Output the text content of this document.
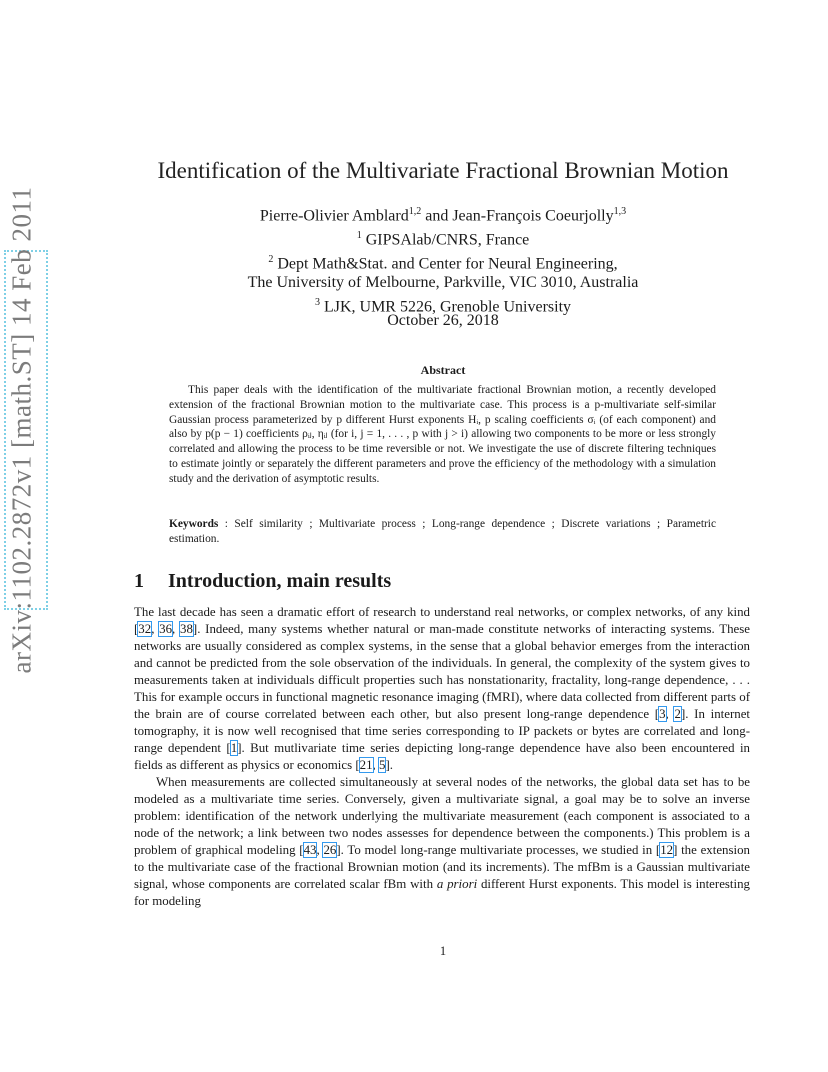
arXiv:1102.2872v1 [math.ST] 14 Feb 2011
Identification of the Multivariate Fractional Brownian Motion
Pierre-Olivier Amblard$^{1,2}$ and Jean-François Coeurjolly$^{1,3}$
$^1$ GIPSAlab/CNRS, France
$^2$ Dept Math&Stat. and Center for Neural Engineering,
The University of Melbourne, Parkville, VIC 3010, Australia
$^3$ LJK, UMR 5226, Grenoble University
October 26, 2018
Abstract
This paper deals with the identification of the multivariate fractional Brownian motion, a recently developed extension of the fractional Brownian motion to the multivariate case. This process is a p-multivariate self-similar Gaussian process parameterized by p different Hurst exponents Hᵢ, p scaling coefficients σᵢ (of each component) and also by p(p − 1) coefficients ρᵢⱼ, ηᵢⱼ (for i, j = 1, . . . , p with j > i) allowing two components to be more or less strongly correlated and allowing the process to be time reversible or not. We investigate the use of discrete filtering techniques to estimate jointly or separately the different parameters and prove the efficiency of the methodology with a simulation study and the derivation of asymptotic results.
Keywords : Self similarity ; Multivariate process ; Long-range dependence ; Discrete variations ; Parametric estimation.
1 Introduction, main results

The last decade has seen a dramatic effort of research to understand real networks, or complex networks, of any kind [32, 36, 38]. Indeed, many systems whether natural or man-made constitute networks of interacting systems. These networks are usually considered as complex systems, in the sense that a global behavior emerges from the interaction and cannot be predicted from the sole observation of the individuals. In general, the complexity of the system gives to measurements taken at individuals difficult properties such has nonstationarity, fractality, long-range dependence, . . . This for example occurs in functional magnetic resonance imaging (fMRI), where data collected from different parts of the brain are of course correlated between each other, but also present long-range dependence [3, 2]. In internet tomography, it is now well recognised that time series corresponding to IP packets or bytes are correlated and long-range dependent [1]. But mutlivariate time series depicting long-range dependence have also been encountered in fields as different as physics or economics [21, 5].

When measurements are collected simultaneously at several nodes of the networks, the global data set has to be modeled as a multivariate time series. Conversely, given a multivariate signal, a goal may be to solve an inverse problem: identification of the network underlying the multivariate measurement (each component is associated to a node of the network; a link between two nodes assesses for dependence between the components.) This problem is a problem of graphical modeling [43, 26]. To model long-range multivariate processes, we studied in [12] the extension to the multivariate case of the fractional Brownian motion (and its increments). The mfBm is a Gaussian multivariate signal, whose components are correlated scalar fBm with a priori different Hurst exponents. This model is interesting for modeling

1
